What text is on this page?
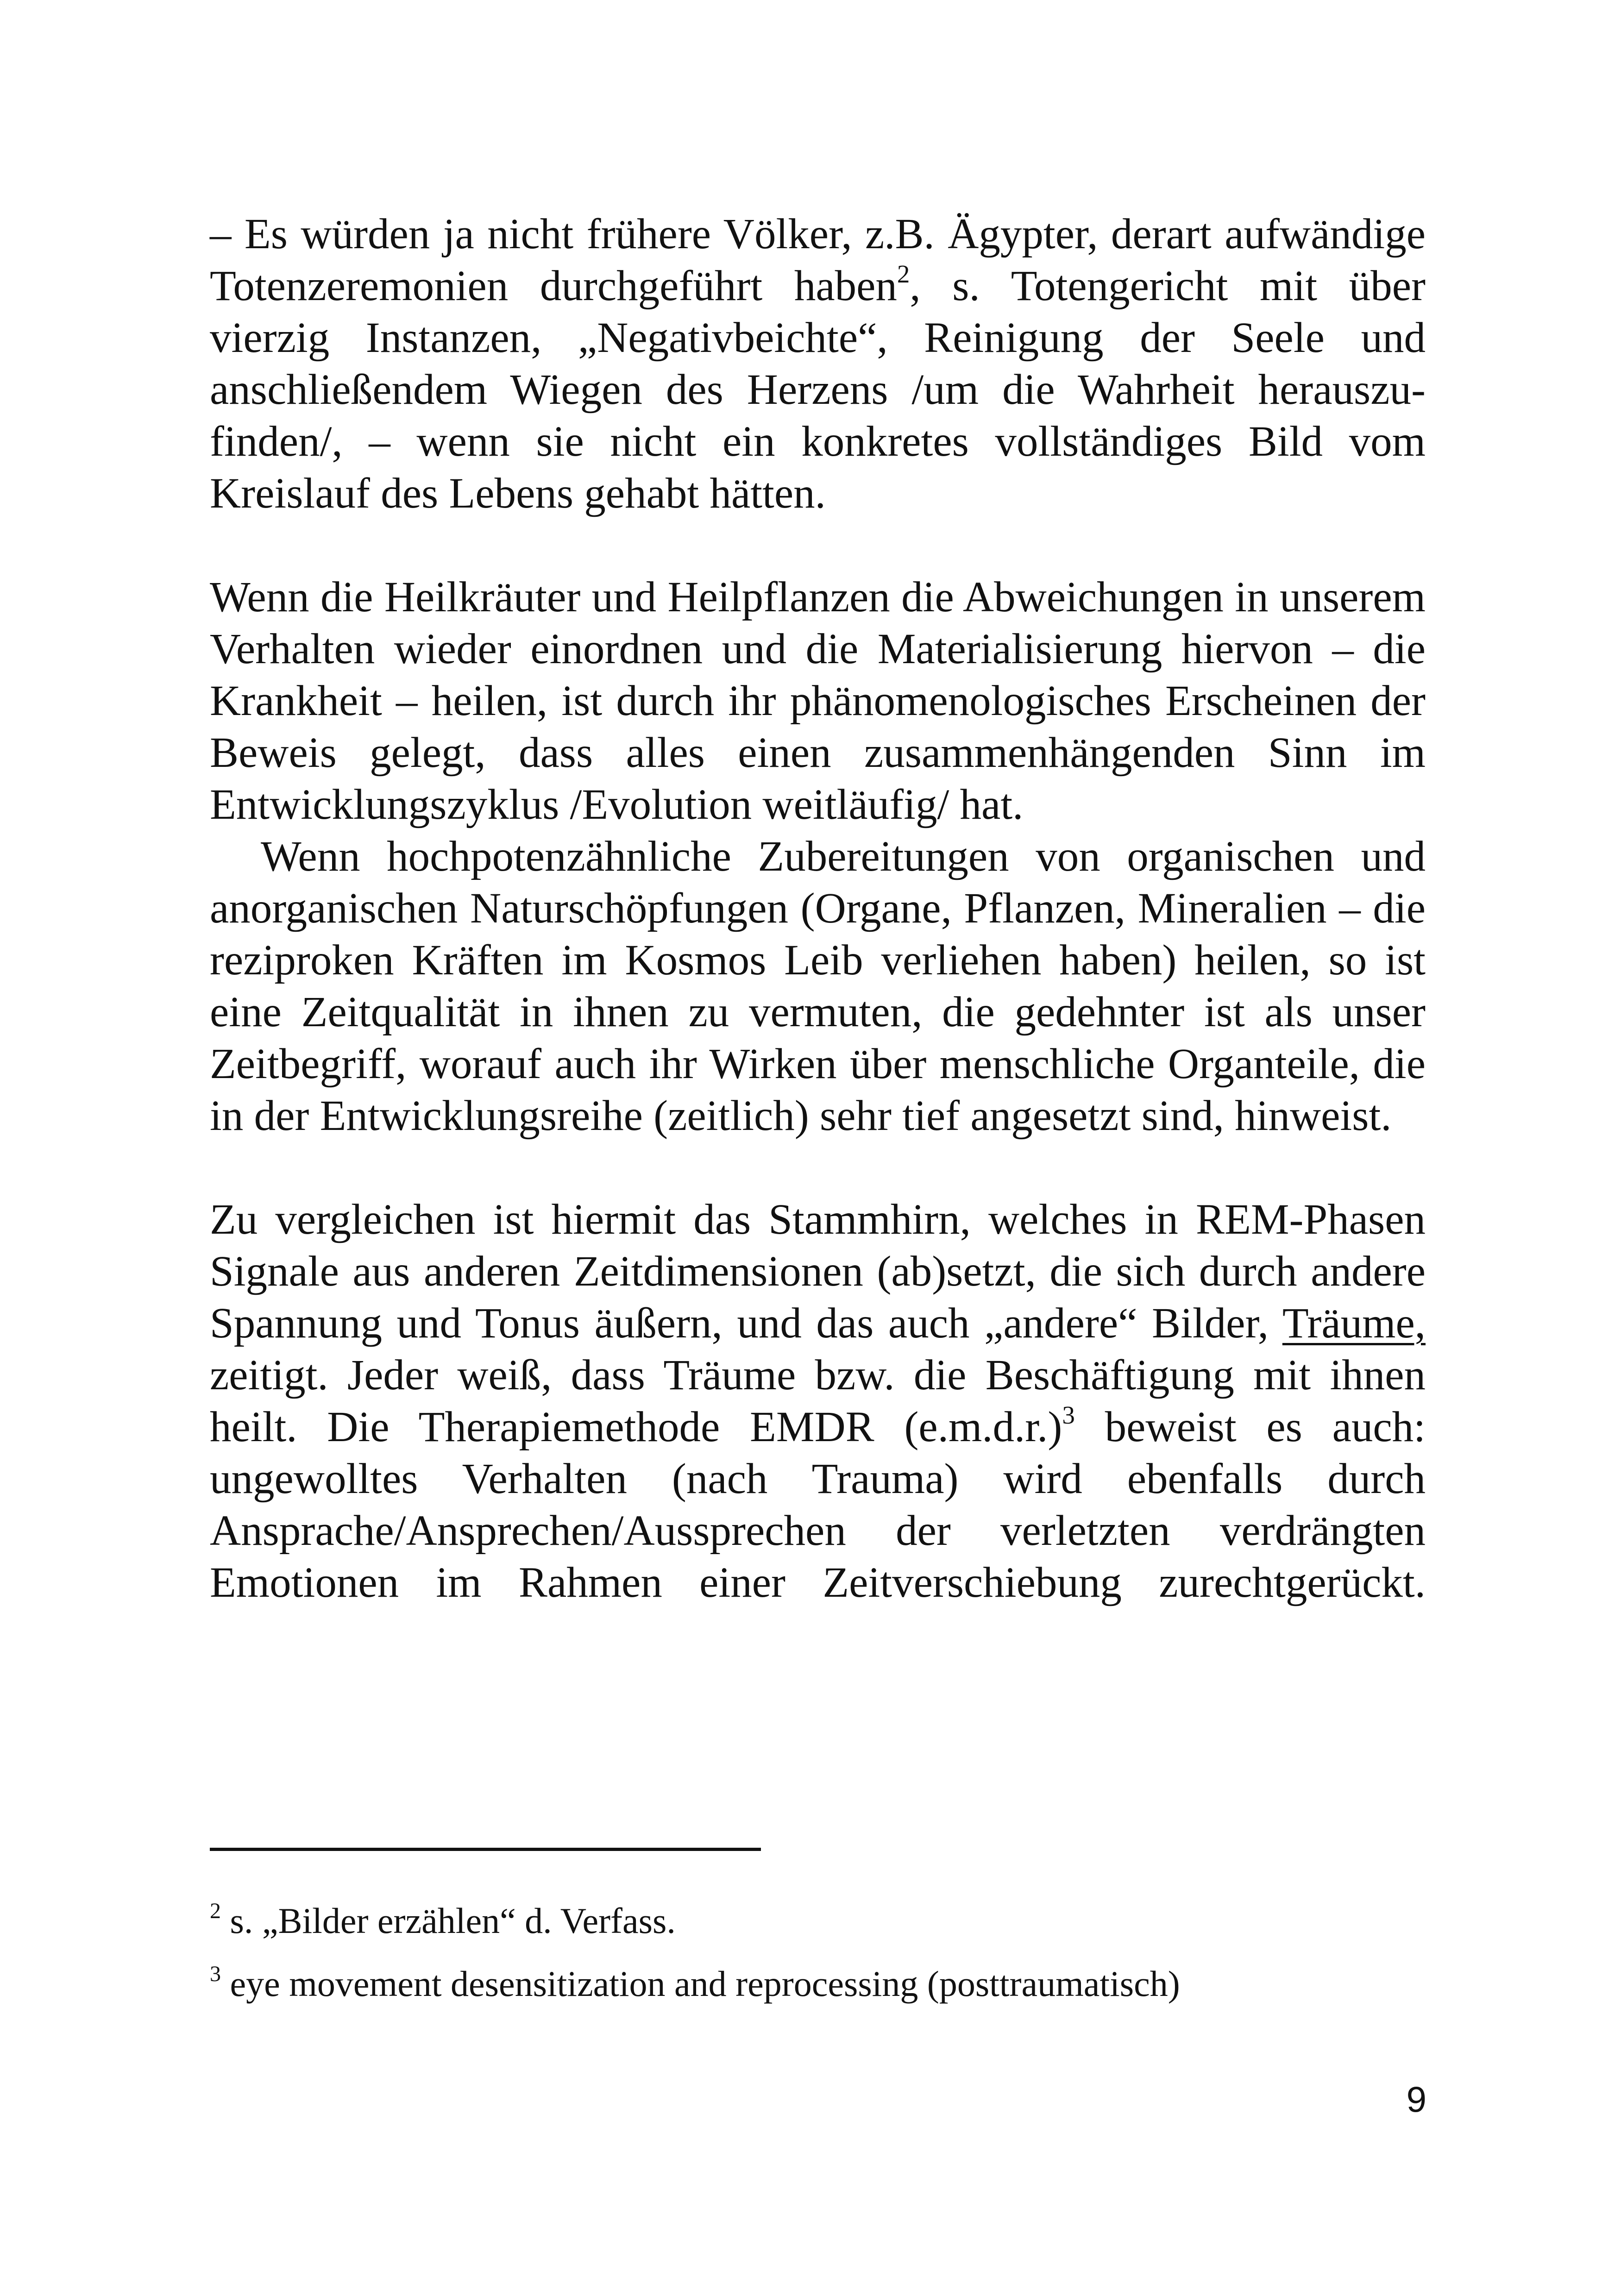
– Es würden ja nicht frühere Völker, z.B. Ägypter, derart aufwändige Totenzeremonien durchgeführt haben$^2$, s. Totengericht mit über vierzig Instanzen, „Negativbeichte“, Reinigung der Seele und anschließendem Wiegen des Herzens /um die Wahrheit herauszufinden/, – wenn sie nicht ein konkretes vollständiges Bild vom Kreislauf des Lebens gehabt hätten.

Wenn die Heilkräuter und Heilpflanzen die Abweichungen in unserem Verhalten wieder einordnen und die Materialisierung hiervon – die Krankheit – heilen, ist durch ihr phänomenologisches Erscheinen der Beweis gelegt, dass alles einen zusammenhängenden Sinn im Entwicklungszyklus /Evolution weitläufig/ hat.

Wenn hochpotenzähnliche Zubereitungen von organischen und anorganischen Naturschöpfungen (Organe, Pflanzen, Mineralien – die reziproken Kräften im Kosmos Leib verliehen haben) heilen, so ist eine Zeitqualität in ihnen zu vermuten, die gedehnter ist als unser Zeitbegriff, worauf auch ihr Wirken über menschliche Organteile, die in der Entwicklungsreihe (zeitlich) sehr tief angesetzt sind, hinweist.

Zu vergleichen ist hiermit das Stammhirn, welches in REM-Phasen Signale aus anderen Zeitdimensionen (ab)setzt, die sich durch andere Spannung und Tonus äußern, und das auch „andere“ Bilder, Träume, zeitigt. Jeder weiß, dass Träume bzw. die Beschäftigung mit ihnen heilt. Die Therapiemethode EMDR $(e.m.d.r.)^3$ beweist es auch: ungewolltes Verhalten (nach Trauma) wird ebenfalls durch Ansprache/Ansprechen/Aussprechen der verletzten verdrängten Emotionen im Rahmen einer Zeitverschiebung zurechtgerückt.

$^2$ s. „Bilder erzählen“ d. Verfass.

$^3$ eye movement desensitization and reprocessing (posttraumatisch)

9
